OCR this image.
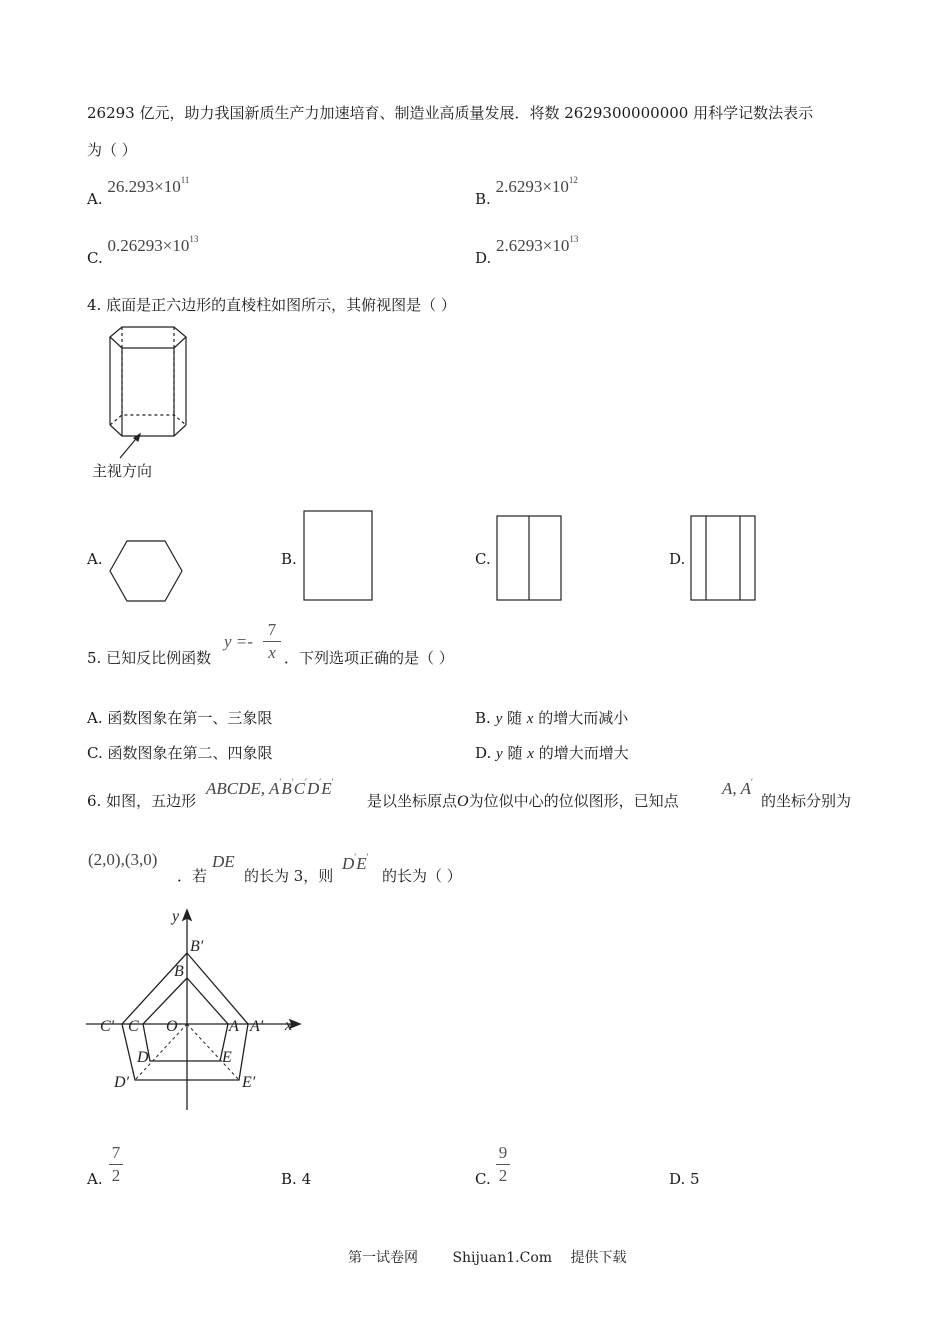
26293 亿元，助力我国新质生产力加速培育、制造业高质量发展．将数 2629300000000 用科学记数法表示
为（ ）
A. $26.293\times 10^{11}$
B. $2.6293\times 10^{12}$
C. $0.26293\times 10^{13}$
D. $2.6293\times 10^{13}$
4. 底面是正六边形的直棱柱如图所示，其俯视图是（ ）
主视方向
A.	B.	C.	D.
5. 已知反比例函数
y =-
7
x ．下列选项正确的是（ ）
A. 函数图象在第一、三象限	B. y 随 x 的增大而减小
C. 函数图象在第二、四象限	D. y 随 x 的增大而增大
6. 如图，五边形
ABCDE, A′B′C′D′E′
是以坐标原点O为位似中心的位似图形，已知点
A, A′
的坐标分别为
(2,0),(3,0)
．若
DE
的长为 3，则
D′E′
的长为（ ）
y
x
B′
B
C′ C O	A A′
D	E
D′	E′
A.
7
2	B. 4	C.
9
2	D. 5
第一试卷网 Shijuan1.Com 提供下载
